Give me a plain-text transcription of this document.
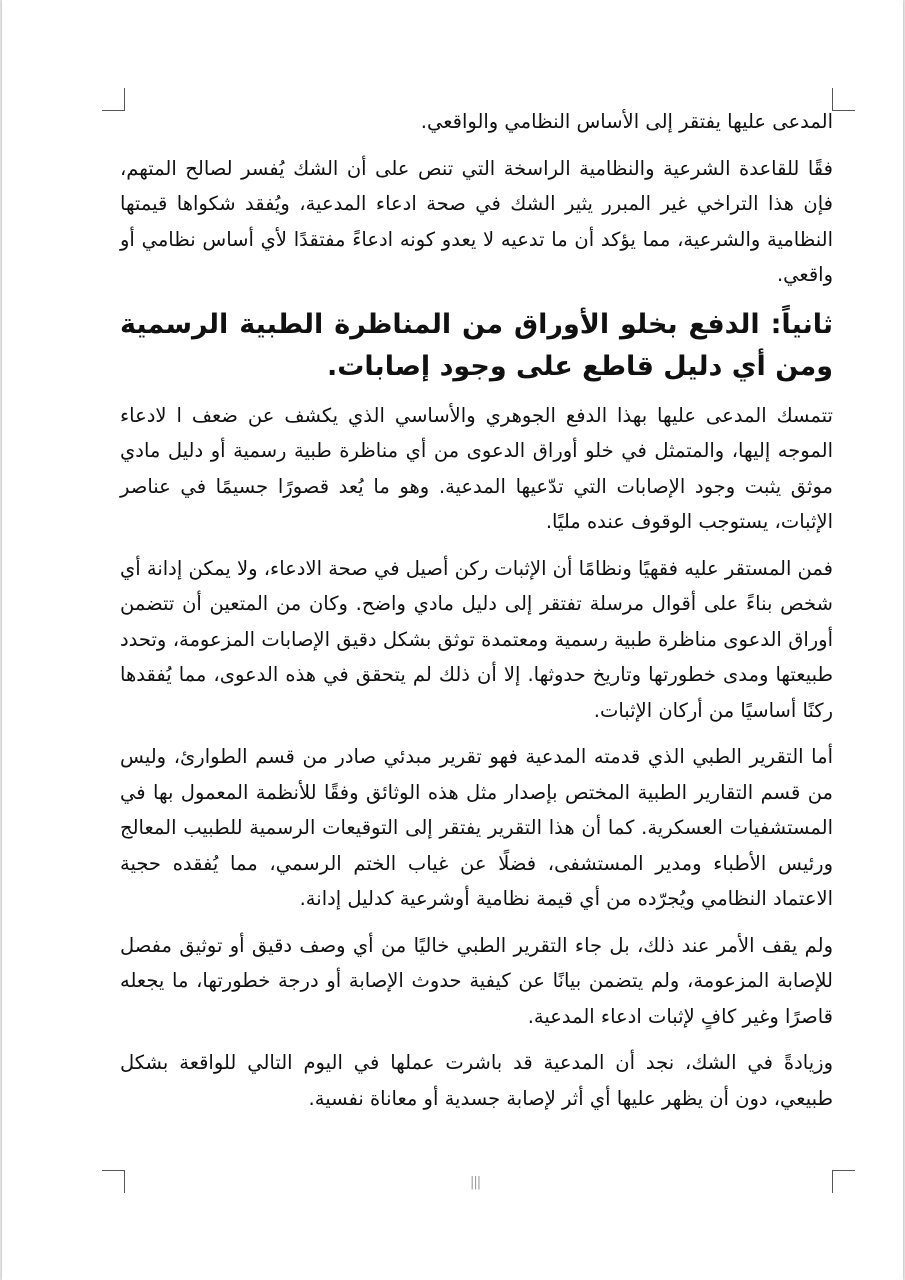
المدعى عليها يفتقر إلى الأساس النظامي والواقعي.

فقًا للقاعدة الشرعية والنظامية الراسخة التي تنص على أن الشك يُفسر لصالح المتهم، فإن هذا التراخي غير المبرر يثير الشك في صحة ادعاء المدعية، ويُفقد شكواها قيمتها النظامية والشرعية، مما يؤكد أن ما تدعيه لا يعدو كونه ادعاءً مفتقدًا لأي أساس نظامي أو واقعي.

ثانياً: الدفع بخلو الأوراق من المناظرة الطبية الرسمية ومن أي دليل قاطع على وجود إصابات.

تتمسك المدعى عليها بهذا الدفع الجوهري والأساسي الذي يكشف عن ضعف ا لادعاء الموجه إليها، والمتمثل في خلو أوراق الدعوى من أي مناظرة طبية رسمية أو دليل مادي موثق يثبت وجود الإصابات التي تدّعيها المدعية. وهو ما يُعد قصورًا جسيمًا في عناصر الإثبات، يستوجب الوقوف عنده مليًا.

فمن المستقر عليه فقهيًا ونظامًا أن الإثبات ركن أصيل في صحة الادعاء، ولا يمكن إدانة أي شخص بناءً على أقوال مرسلة تفتقر إلى دليل مادي واضح. وكان من المتعين أن تتضمن أوراق الدعوى مناظرة طبية رسمية ومعتمدة توثق بشكل دقيق الإصابات المزعومة، وتحدد طبيعتها ومدى خطورتها وتاريخ حدوثها. إلا أن ذلك لم يتحقق في هذه الدعوى، مما يُفقدها ركنًا أساسيًا من أركان الإثبات.

أما التقرير الطبي الذي قدمته المدعية فهو تقرير مبدئي صادر من قسم الطوارئ، وليس من قسم التقارير الطبية المختص بإصدار مثل هذه الوثائق وفقًا للأنظمة المعمول بها في المستشفيات العسكرية. كما أن هذا التقرير يفتقر إلى التوقيعات الرسمية للطبيب المعالج ورئيس الأطباء ومدير المستشفى، فضلًا عن غياب الختم الرسمي، مما يُفقده حجية الاعتماد النظامي ويُجرّده من أي قيمة نظامية أوشرعية كدليل إدانة.

ولم يقف الأمر عند ذلك، بل جاء التقرير الطبي خاليًا من أي وصف دقيق أو توثيق مفصل للإصابة المزعومة، ولم يتضمن بيانًا عن كيفية حدوث الإصابة أو درجة خطورتها، ما يجعله قاصرًا وغير كافٍ لإثبات ادعاء المدعية.

وزيادةً في الشك، نجد أن المدعية قد باشرت عملها في اليوم التالي للواقعة بشكل طبيعي، دون أن يظهر عليها أي أثر لإصابة جسدية أو معاناة نفسية.

|||
